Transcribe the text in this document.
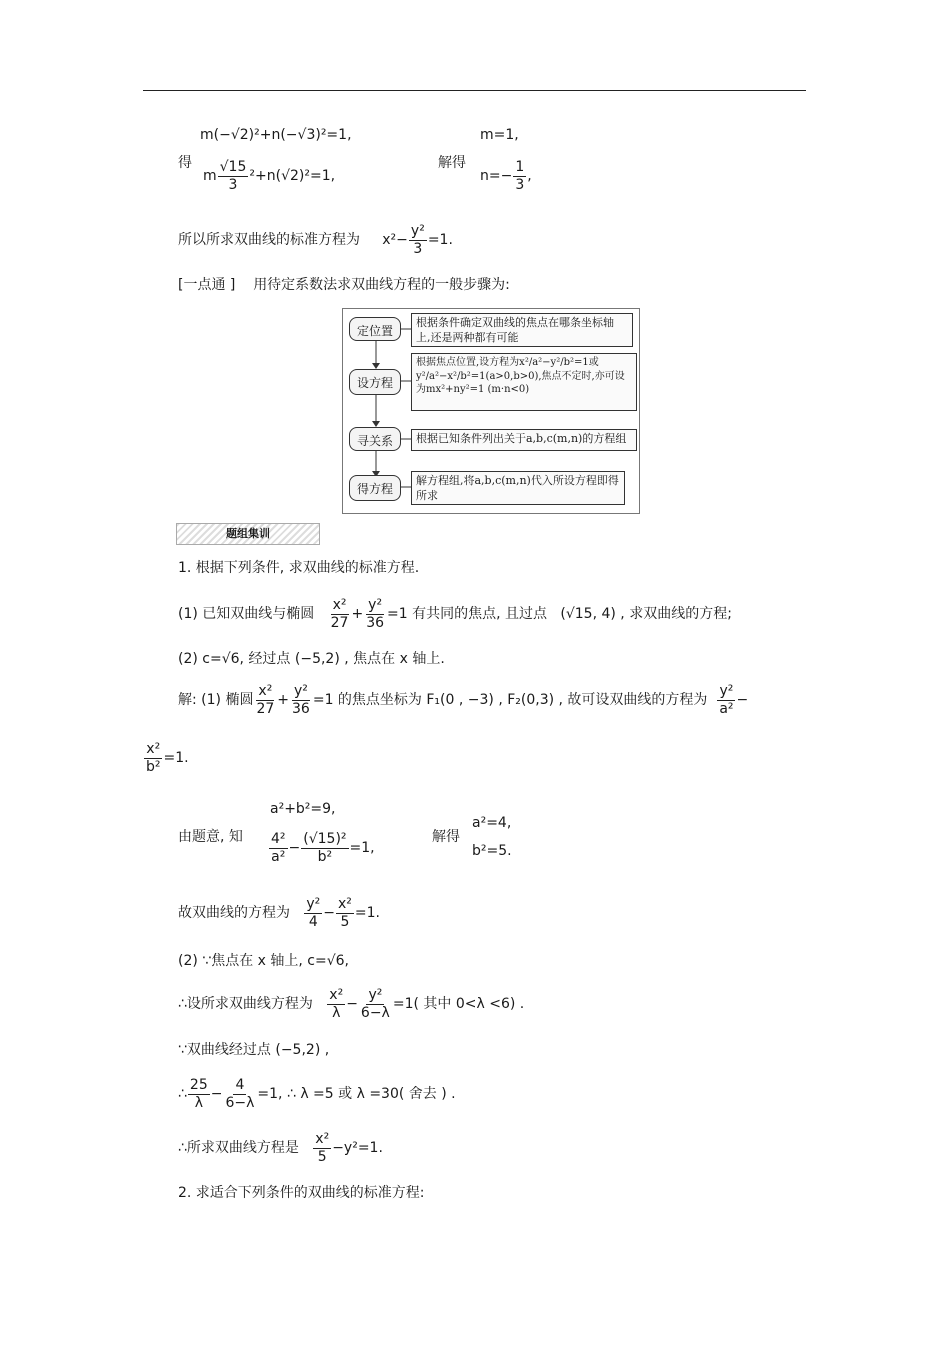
m(−√2)²+n(−√3)²=1,
得
m $\frac{√15}{3} ^2+n(√2)^2=1$,
解得
m=1,
$n=- \frac{1}{3}$ ,
所以所求双曲线的标准方程为 $x^2- \frac{\text{y²}}{3} =1$.
[一点通 ] 用待定系数法求双曲线方程的一般步骤为:
定位置
根据条件确定双曲线的焦点在哪条坐标轴上,还是两种都有可能
设方程
根据焦点位置,设方程为x²/a²−y²/b²=1或y²/a²−x²/b²=1(a>0,b>0),焦点不定时,亦可设为mx²+ny²=1 (m·n<0)
寻关系	根据已知条件列出关于a,b,c(m,n)的方程组
得方程
解方程组,将a,b,c(m,n)代入所设方程即得所求
题组集训
1. 根据下列条件, 求双曲线的标准方程.
(1) 已知双曲线与椭圆 $\frac{\text{x²}}{27} + \frac{\text{y²}}{36} =1$ 有共同的焦点, 且过点 (√15, 4) , 求双曲线的方程;
(2) c=√6, 经过点 (−5,2) , 焦点在 x 轴上.
解: (1) 椭圆 $\frac{\text{x²}}{27} + \frac{\text{y²}}{36} =1$ 的焦点坐标为 F₁(0 , −3) , F₂(0,3) , 故可设双曲线的方程为 $\frac{\text{y²}}{\text{a²}}$ −
$\frac{\text{x²}}{\text{b²}} =1$.
a²+b²=9,
由题意, 知 $\frac{\text{4²}}{\text{a²}} - \frac{\text{(√15)²}}{\text{b²}} =1$,
解得
a²=4,
b²=5.
故双曲线的方程为 $\frac{\text{y²}}{4} - \frac{\text{x²}}{5} =1$.
(2) ∵焦点在 x 轴上, c=√6,
∴设所求双曲线方程为 $\frac{\text{x²}}{\lambda} - \frac{\text{y²}}{6-\lambda} =1$( 其中 0<λ <6) .
∵双曲线经过点 (−5,2) ,
∴ $\frac{25}{\lambda} - \frac{4}{6-\lambda} =1$, ∴ λ =5 或 λ =30( 舍去 ) .
∴所求双曲线方程是 $\frac{\text{x²}}{5} -y^2=1$.
2. 求适合下列条件的双曲线的标准方程:
